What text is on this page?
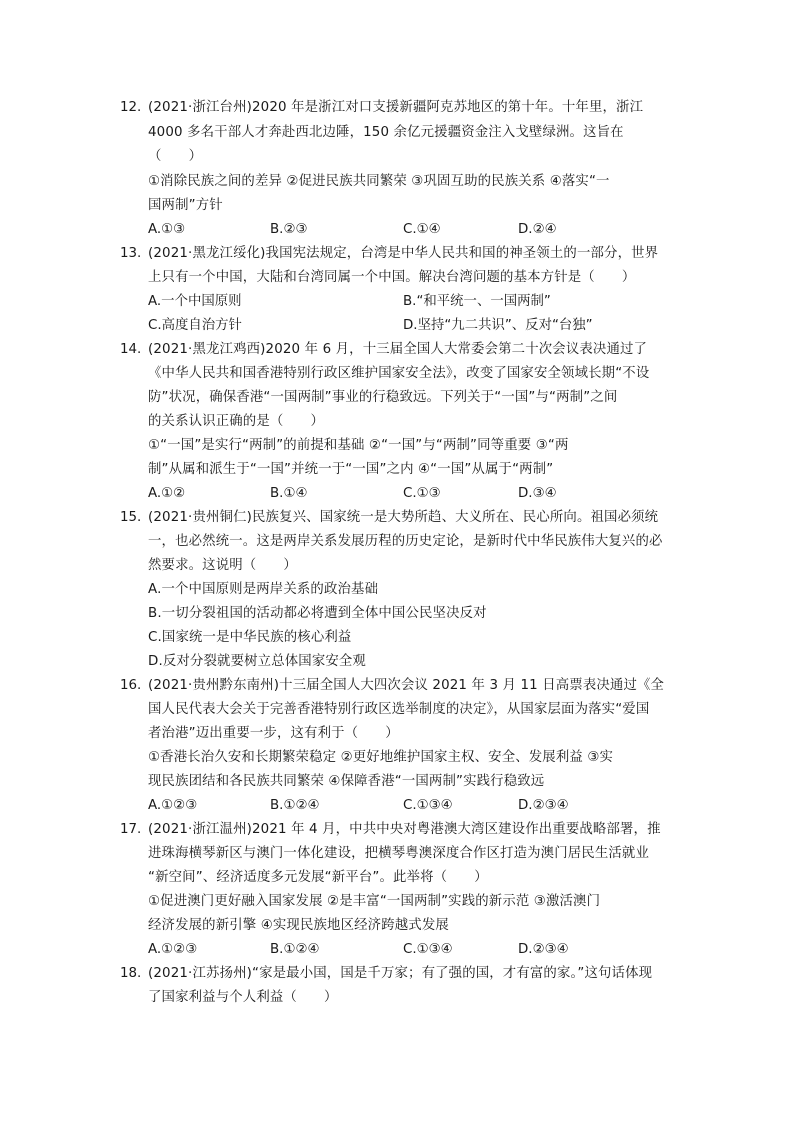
12. (2021·浙江台州)2020 年是浙江对口支援新疆阿克苏地区的第十年。十年里，浙江
4000 多名干部人才奔赴西北边陲，150 余亿元援疆资金注入戈壁绿洲。这旨在
（　　）
①消除民族之间的差异 ②促进民族共同繁荣 ③巩固互助的民族关系 ④落实“一
国两制”方针
A.①③	B.②③	C.①④	D.②④
13. (2021·黑龙江绥化)我国宪法规定，台湾是中华人民共和国的神圣领土的一部分，世界
上只有一个中国，大陆和台湾同属一个中国。解决台湾问题的基本方针是（　　）
A.一个中国原则	B.“和平统一、一国两制”
C.高度自治方针	D.坚持“九二共识”、反对“台独”
14. (2021·黑龙江鸡西)2020 年 6 月，十三届全国人大常委会第二十次会议表决通过了
《中华人民共和国香港特别行政区维护国家安全法》，改变了国家安全领域长期“不设
防”状况，确保香港“一国两制”事业的行稳致远。下列关于“一国”与“两制”之间
的关系认识正确的是（　　）
①“一国”是实行“两制”的前提和基础 ②“一国”与“两制”同等重要 ③“两
制”从属和派生于“一国”并统一于“一国”之内 ④“一国”从属于“两制”
A.①②	B.①④	C.①③	D.③④
15. (2021·贵州铜仁)民族复兴、国家统一是大势所趋、大义所在、民心所向。祖国必须统
一，也必然统一。这是两岸关系发展历程的历史定论，是新时代中华民族伟大复兴的必
然要求。这说明（　　）
A.一个中国原则是两岸关系的政治基础
B.一切分裂祖国的活动都必将遭到全体中国公民坚决反对
C.国家统一是中华民族的核心利益
D.反对分裂就要树立总体国家安全观
16. (2021·贵州黔东南州)十三届全国人大四次会议 2021 年 3 月 11 日高票表决通过《全
国人民代表大会关于完善香港特别行政区选举制度的决定》，从国家层面为落实“爱国
者治港”迈出重要一步，这有利于（　　）
①香港长治久安和长期繁荣稳定 ②更好地维护国家主权、安全、发展利益 ③实
现民族团结和各民族共同繁荣 ④保障香港“一国两制”实践行稳致远
A.①②③	B.①②④	C.①③④	D.②③④
17. (2021·浙江温州)2021 年 4 月，中共中央对粤港澳大湾区建设作出重要战略部署，推
进珠海横琴新区与澳门一体化建设，把横琴粤澳深度合作区打造为澳门居民生活就业
“新空间”、经济适度多元发展“新平台”。此举将（　　）
①促进澳门更好融入国家发展 ②是丰富“一国两制”实践的新示范 ③激活澳门
经济发展的新引擎 ④实现民族地区经济跨越式发展
A.①②③	B.①②④	C.①③④	D.②③④
18. (2021·江苏扬州)“家是最小国，国是千万家；有了强的国，才有富的家。”这句话体现
了国家利益与个人利益（　　）
